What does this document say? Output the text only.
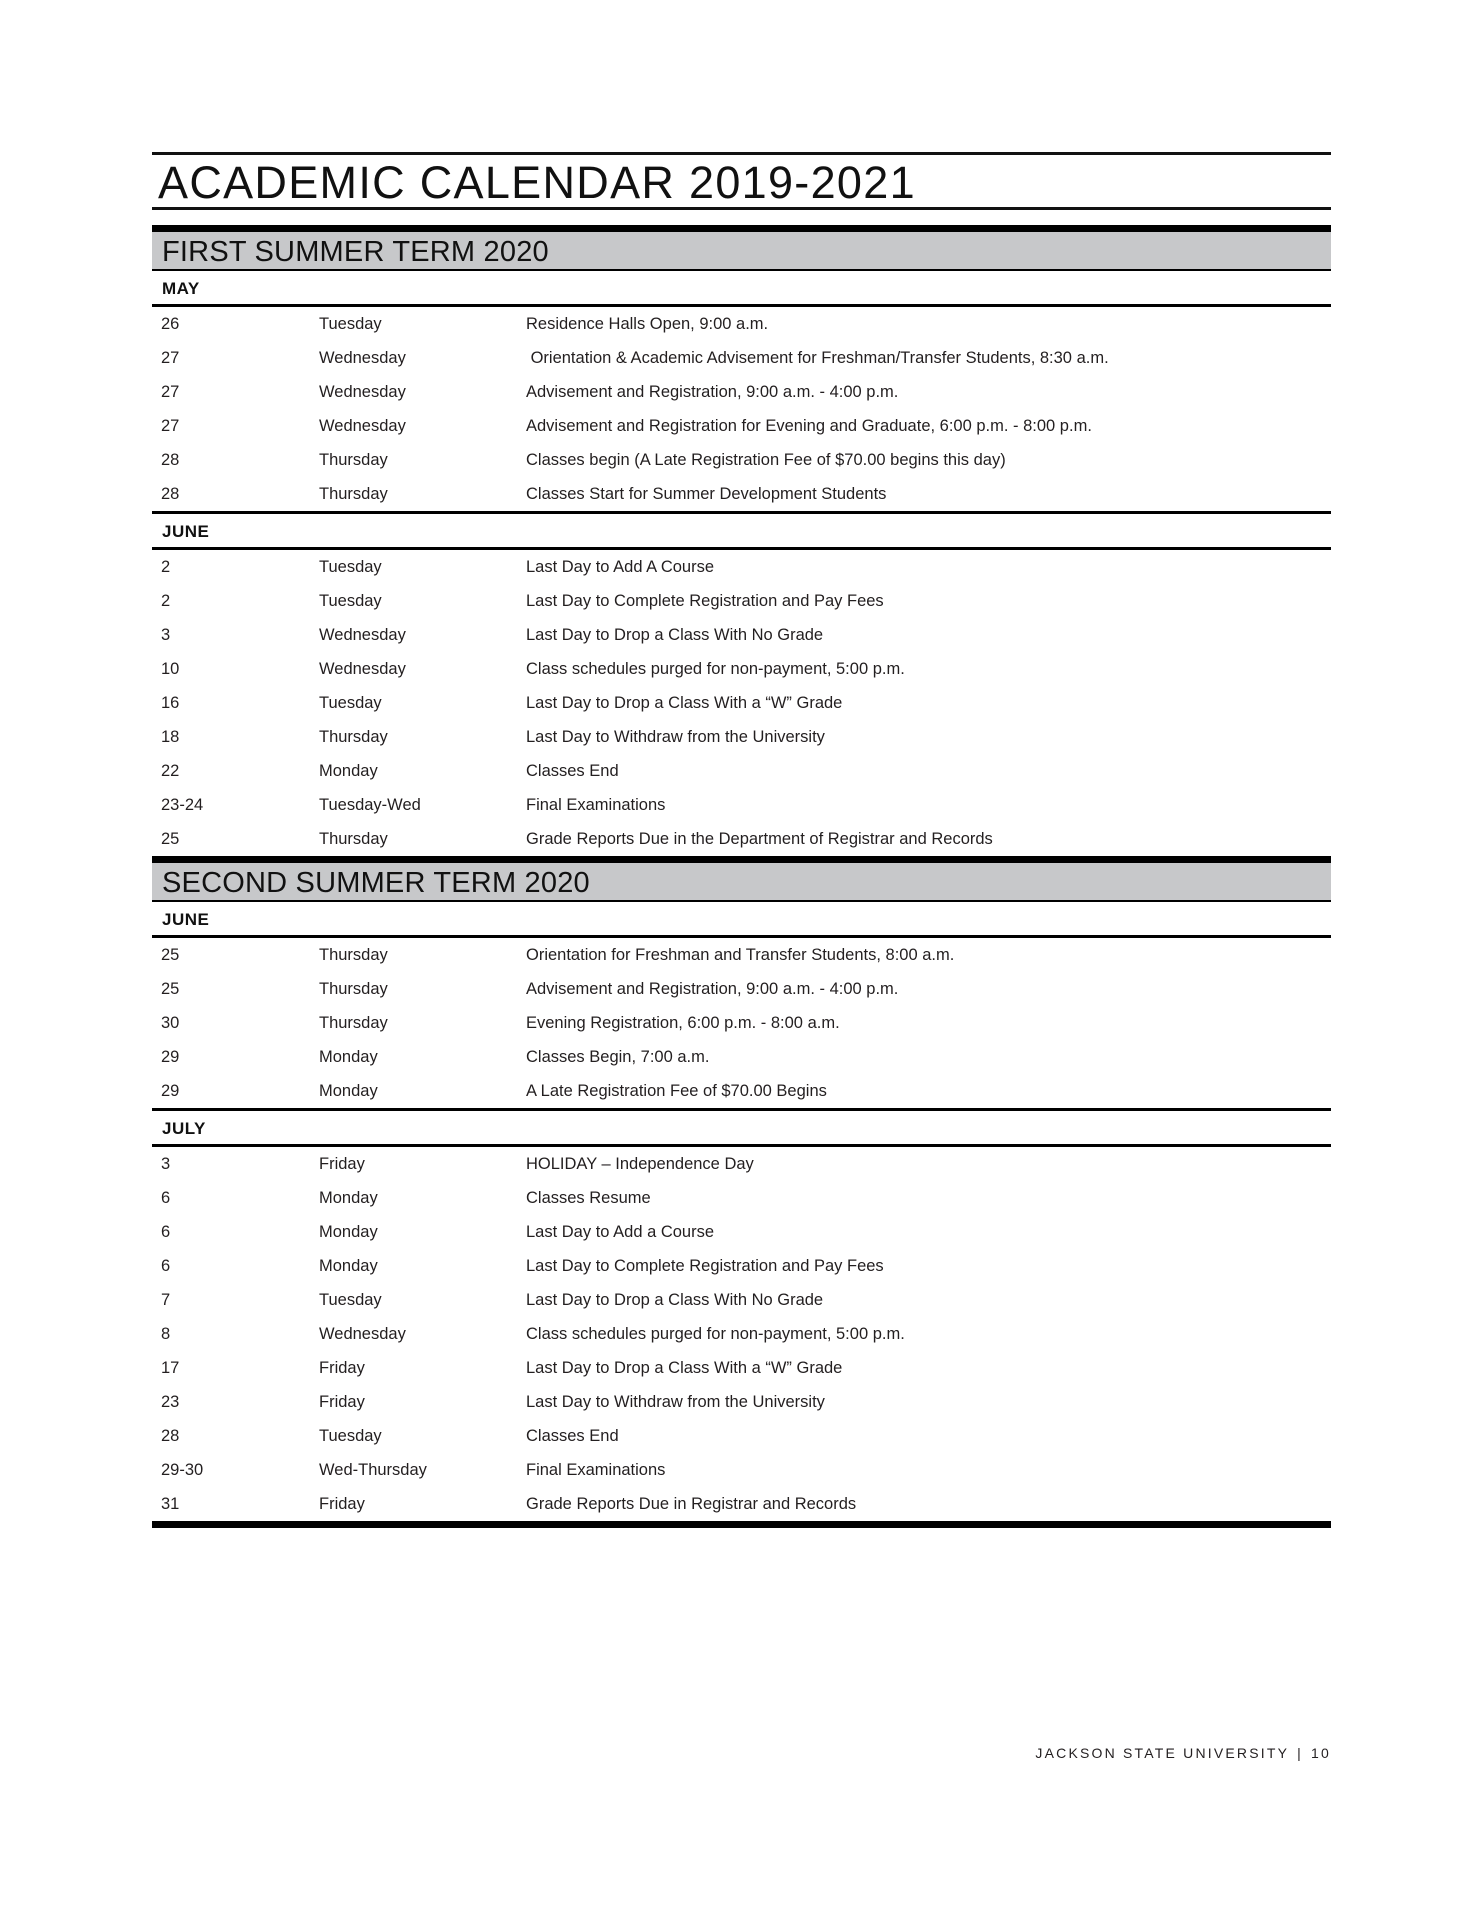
ACADEMIC CALENDAR 2019-2021
FIRST SUMMER TERM 2020
MAY
26	Tuesday	Residence Halls Open, 9:00 a.m.
27	Wednesday	Orientation & Academic Advisement for Freshman/Transfer Students, 8:30 a.m.
27	Wednesday	Advisement and Registration, 9:00 a.m. - 4:00 p.m.
27	Wednesday	Advisement and Registration for Evening and Graduate, 6:00 p.m. - 8:00 p.m.
28	Thursday	Classes begin (A Late Registration Fee of $70.00 begins this day)
28	Thursday	Classes Start for Summer Development Students
JUNE
2	Tuesday	Last Day to Add A Course
2	Tuesday	Last Day to Complete Registration and Pay Fees
3	Wednesday	Last Day to Drop a Class With No Grade
10	Wednesday	Class schedules purged for non-payment, 5:00 p.m.
16	Tuesday	Last Day to Drop a Class With a “W” Grade
18	Thursday	Last Day to Withdraw from the University
22	Monday	Classes End
23-24	Tuesday-Wed	Final Examinations
25	Thursday	Grade Reports Due in the Department of Registrar and Records
SECOND SUMMER TERM 2020
JUNE
25	Thursday	Orientation for Freshman and Transfer Students, 8:00 a.m.
25	Thursday	Advisement and Registration, 9:00 a.m. - 4:00 p.m.
30	Thursday	Evening Registration, 6:00 p.m. - 8:00 a.m.
29	Monday	Classes Begin, 7:00 a.m.
29	Monday	A Late Registration Fee of $70.00 Begins
JULY
3	Friday	HOLIDAY – Independence Day
6	Monday	Classes Resume
6	Monday	Last Day to Add a Course
6	Monday	Last Day to Complete Registration and Pay Fees
7	Tuesday	Last Day to Drop a Class With No Grade
8	Wednesday	Class schedules purged for non-payment, 5:00 p.m.
17	Friday	Last Day to Drop a Class With a “W” Grade
23	Friday	Last Day to Withdraw from the University
28	Tuesday	Classes End
29-30	Wed-Thursday	Final Examinations
31	Friday	Grade Reports Due in Registrar and Records
JACKSON STATE UNIVERSITY | 10
